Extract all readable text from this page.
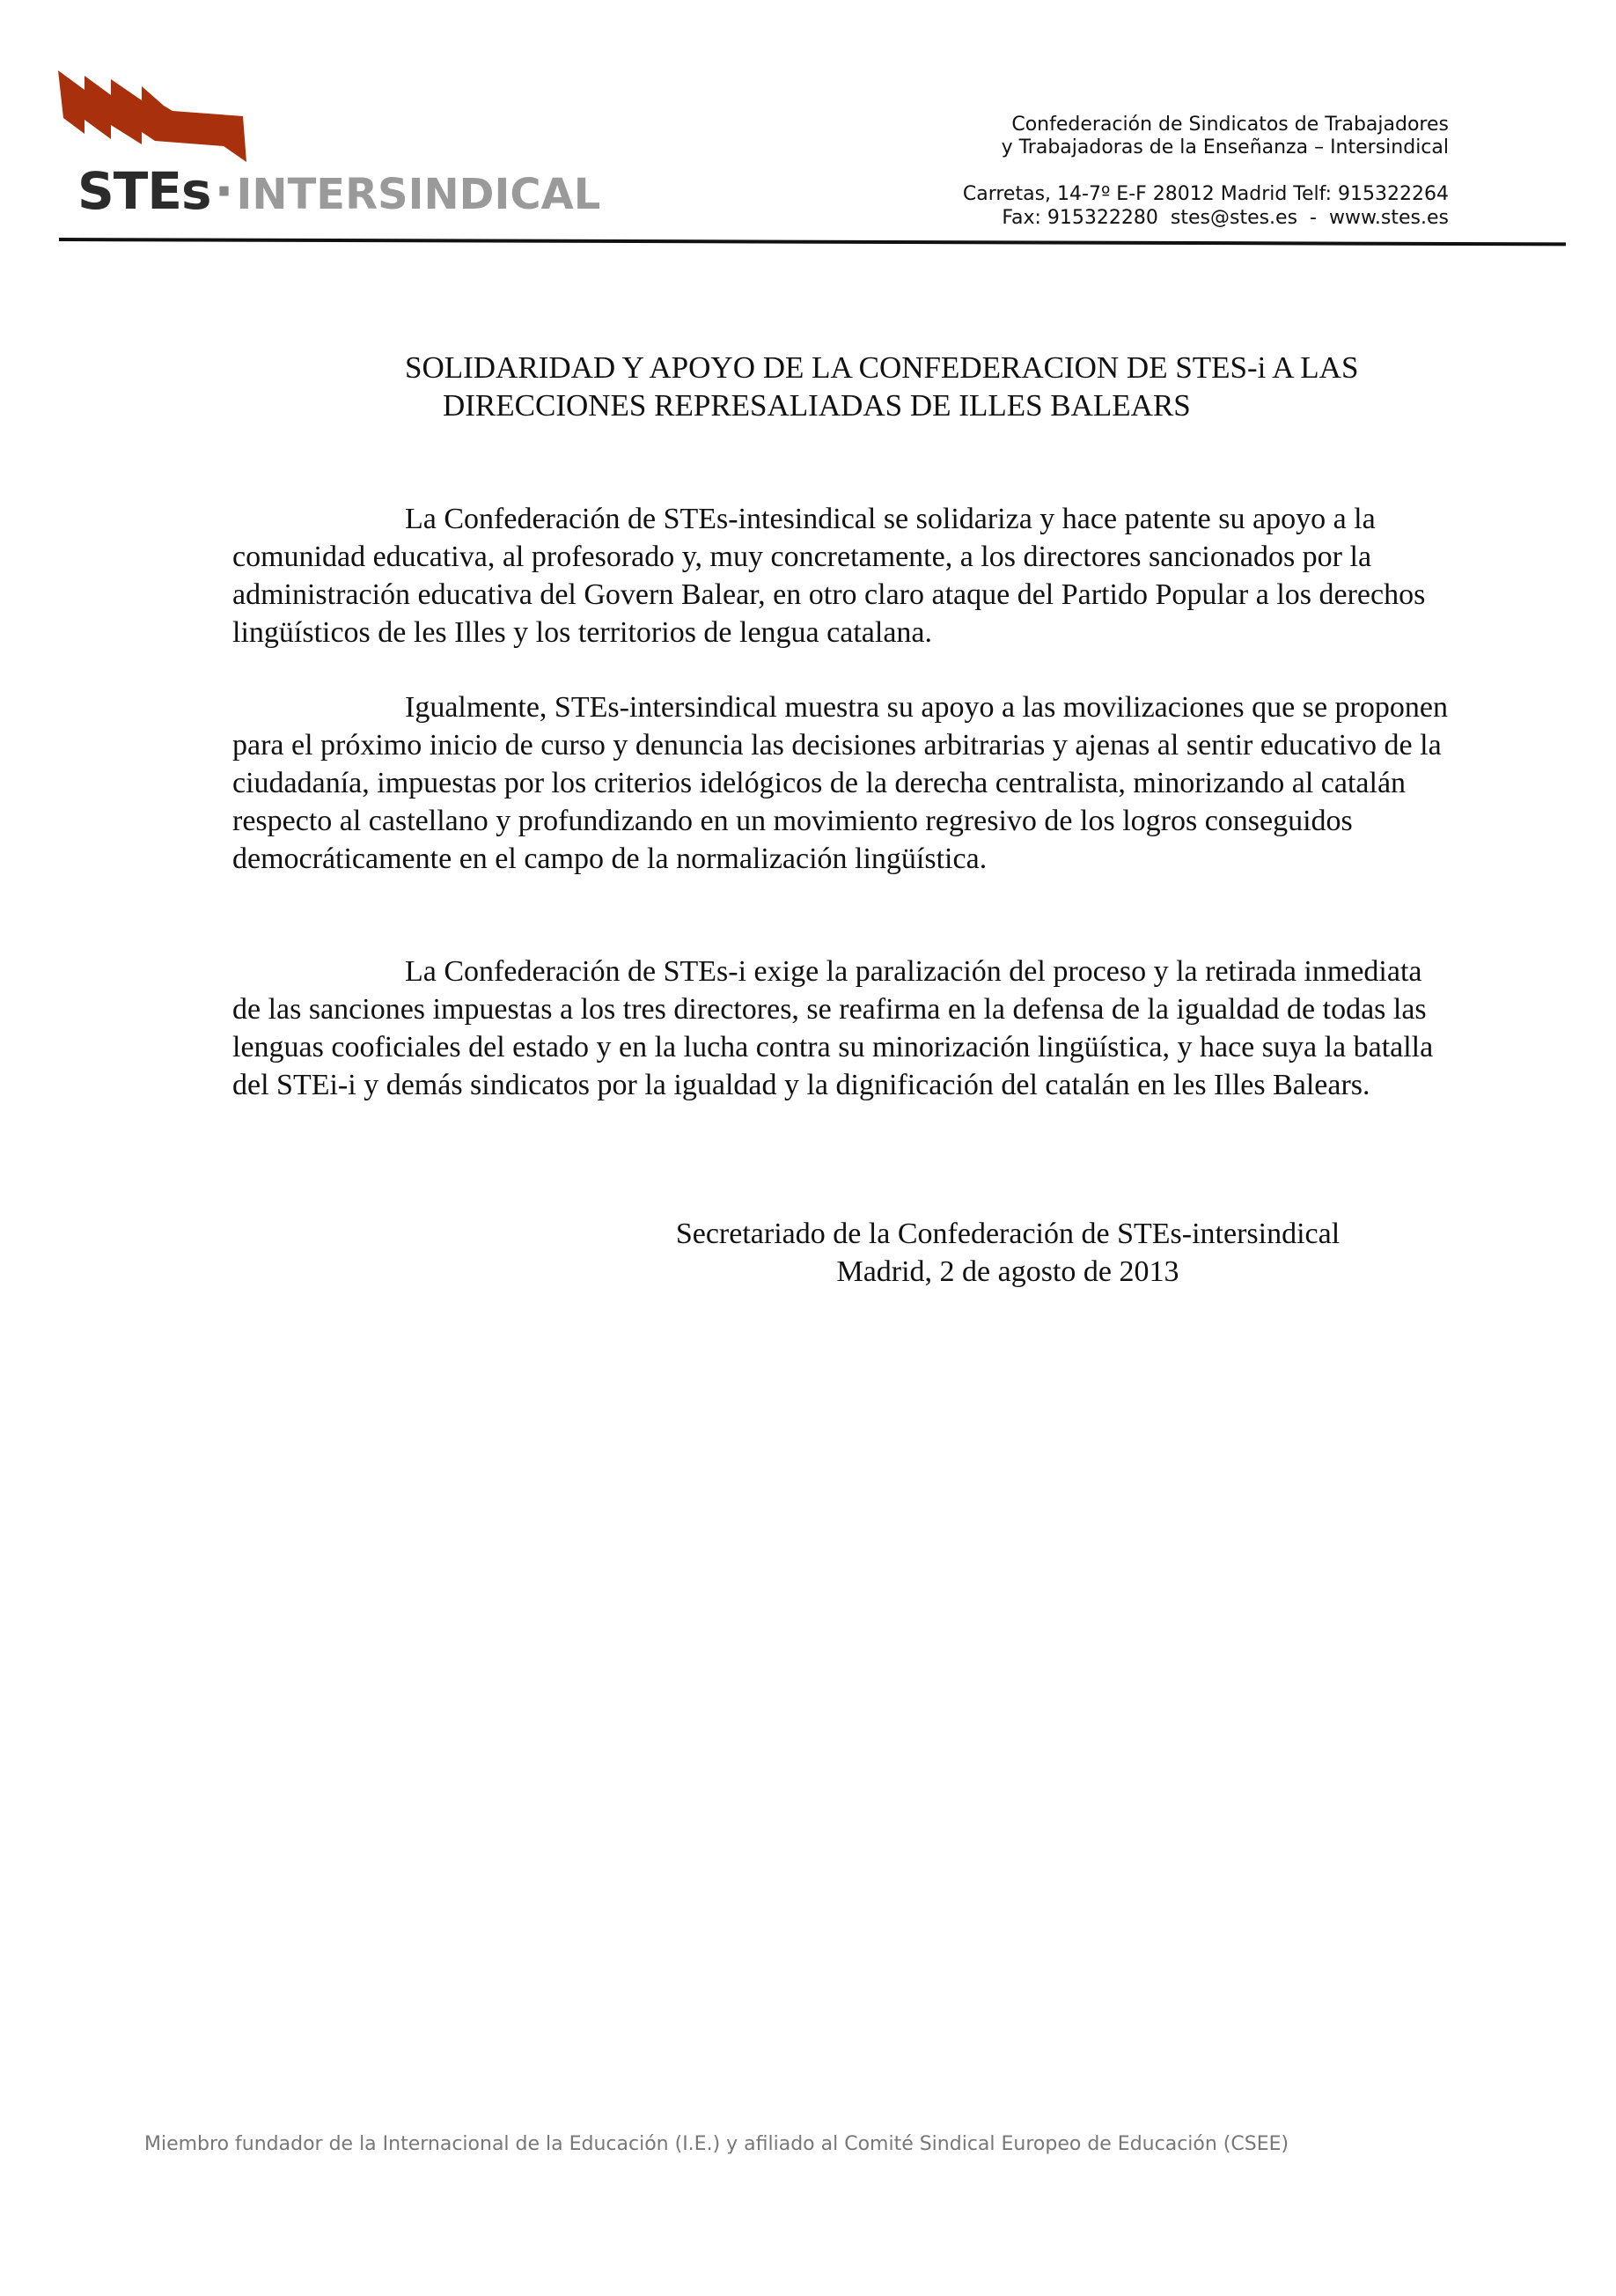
STEs·INTERSINDICAL
Confederación de Sindicatos de Trabajadores
y Trabajadoras de la Enseñanza – Intersindical
Carretas, 14-7º E-F 28012 Madrid Telf: 915322264
Fax: 915322280  stes@stes.es  -  www.stes.es
SOLIDARIDAD Y APOYO DE LA CONFEDERACION DE STES-i A LAS
DIRECCIONES REPRESALIADAS DE ILLES BALEARS

La Confederación de STEs-intesindical se solidariza y hace patente su apoyo a la comunidad educativa, al profesorado y, muy concretamente, a los directores sancionados por la administración educativa del Govern Balear, en otro claro ataque del Partido Popular a los derechos lingüísticos de les Illes y los territorios de lengua catalana.

Igualmente, STEs-intersindical muestra su apoyo a las movilizaciones que se proponen para el próximo inicio de curso y denuncia las decisiones arbitrarias y ajenas al sentir educativo de la ciudadanía, impuestas por los criterios idelógicos de la derecha centralista, minorizando al catalán respecto al castellano y profundizando en un movimiento regresivo de los logros conseguidos democráticamente en el campo de la normalización lingüística.

La Confederación de STEs-i exige la paralización del proceso y la retirada inmediata de las sanciones impuestas a los tres directores, se reafirma en la defensa de la igualdad de todas las lenguas cooficiales del estado y en la lucha contra su minorización lingüística, y hace suya la batalla del STEi-i y demás sindicatos por la igualdad y la dignificación del catalán en les Illes Balears.

Secretariado de la Confederación de STEs-intersindical
Madrid, 2 de agosto de 2013
Miembro fundador de la Internacional de la Educación (I.E.) y afiliado al Comité Sindical Europeo de Educación (CSEE)
